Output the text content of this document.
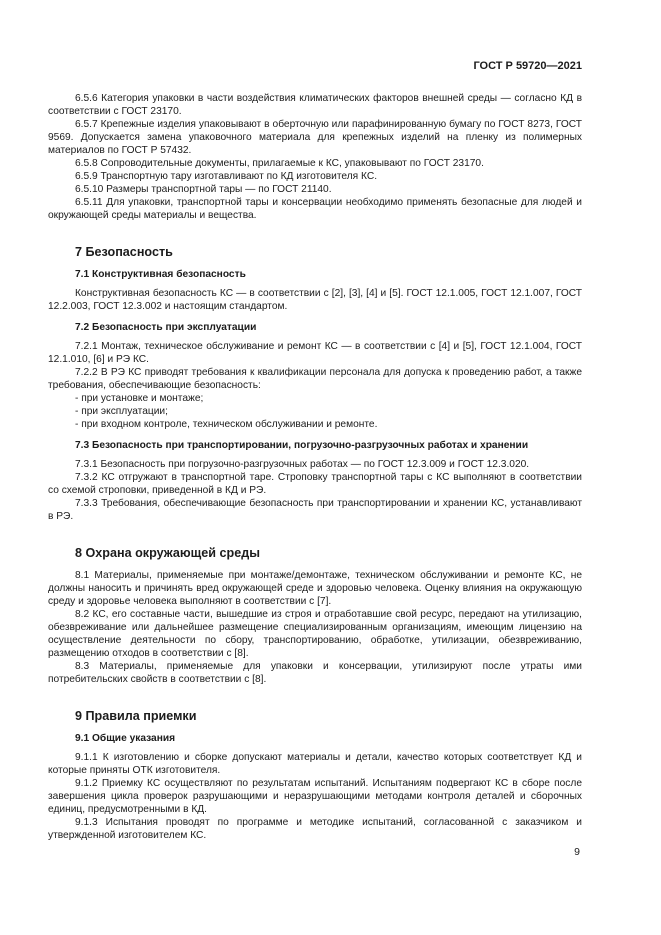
ГОСТ Р 59720—2021

6.5.6 Категория упаковки в части воздействия климатических факторов внешней среды — согласно КД в соответствии с ГОСТ 23170.

6.5.7 Крепежные изделия упаковывают в оберточную или парафинированную бумагу по ГОСТ 8273, ГОСТ 9569. Допускается замена упаковочного материала для крепежных изделий на пленку из полимерных материалов по ГОСТ Р 57432.

6.5.8 Сопроводительные документы, прилагаемые к КС, упаковывают по ГОСТ 23170.

6.5.9 Транспортную тару изготавливают по КД изготовителя КС.

6.5.10 Размеры транспортной тары — по ГОСТ 21140.

6.5.11 Для упаковки, транспортной тары и консервации необходимо применять безопасные для людей и окружающей среды материалы и вещества.

7 Безопасность
7.1 Конструктивная безопасность

Конструктивная безопасность КС — в соответствии с [2], [3], [4] и [5]. ГОСТ 12.1.005, ГОСТ 12.1.007, ГОСТ 12.2.003, ГОСТ 12.3.002 и настоящим стандартом.

7.2 Безопасность при эксплуатации

7.2.1 Монтаж, техническое обслуживание и ремонт КС — в соответствии с [4] и [5], ГОСТ 12.1.004, ГОСТ 12.1.010, [6] и РЭ КС.

7.2.2 В РЭ КС приводят требования к квалификации персонала для допуска к проведению работ, а также требования, обеспечивающие безопасность:

- при установке и монтаже;

- при эксплуатации;

- при входном контроле, техническом обслуживании и ремонте.

7.3 Безопасность при транспортировании, погрузочно-разгрузочных работах и хранении

7.3.1 Безопасность при погрузочно-разгрузочных работах — по ГОСТ 12.3.009 и ГОСТ 12.3.020.

7.3.2 КС отгружают в транспортной таре. Строповку транспортной тары с КС выполняют в соответствии со схемой строповки, приведенной в КД и РЭ.

7.3.3 Требования, обеспечивающие безопасность при транспортировании и хранении КС, устанавливают в РЭ.

8 Охрана окружающей среды

8.1 Материалы, применяемые при монтаже/демонтаже, техническом обслуживании и ремонте КС, не должны наносить и причинять вред окружающей среде и здоровью человека. Оценку влияния на окружающую среду и здоровье человека выполняют в соответствии с [7].

8.2 КС, его составные части, вышедшие из строя и отработавшие свой ресурс, передают на утилизацию, обезвреживание или дальнейшее размещение специализированным организациям, имеющим лицензию на осуществление деятельности по сбору, транспортированию, обработке, утилизации, обезвреживанию, размещению отходов в соответствии с [8].

8.3 Материалы, применяемые для упаковки и консервации, утилизируют после утраты ими потребительских свойств в соответствии с [8].

9 Правила приемки
9.1 Общие указания

9.1.1 К изготовлению и сборке допускают материалы и детали, качество которых соответствует КД и которые приняты ОТК изготовителя.

9.1.2 Приемку КС осуществляют по результатам испытаний. Испытаниям подвергают КС в сборе после завершения цикла проверок разрушающими и неразрушающими методами контроля деталей и сборочных единиц, предусмотренными в КД.

9.1.3 Испытания проводят по программе и методике испытаний, согласованной с заказчиком и утвержденной изготовителем КС.

9
